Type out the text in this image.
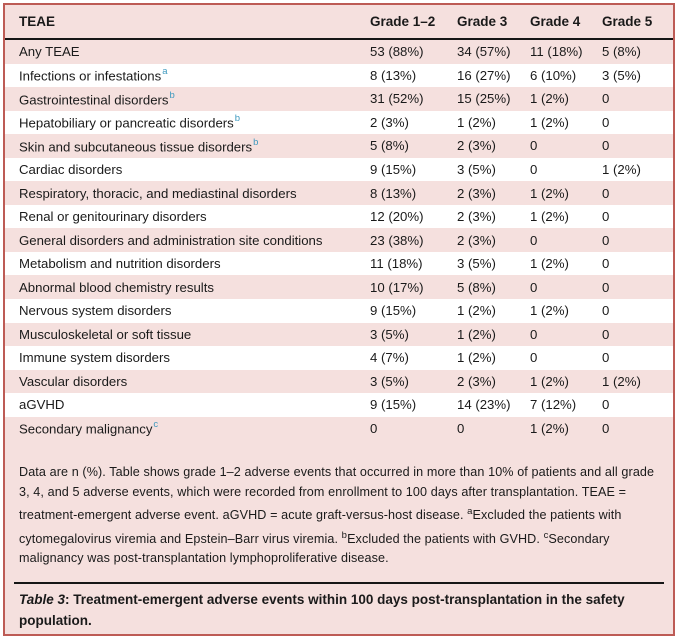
TEAE	Grade 1–2	Grade 3	Grade 4	Grade 5
Any TEAE	53 (88%)	34 (57%)	11 (18%)	5 (8%)
Infections or infestations$^a$	8 (13%)	16 (27%)	6 (10%)	3 (5%)
Gastrointestinal disorders$^b$	31 (52%)	15 (25%)	1 (2%)	0
Hepatobiliary or pancreatic disorders$^b$	2 (3%)	1 (2%)	1 (2%)	0
Skin and subcutaneous tissue disorders$^b$	5 (8%)	2 (3%)	0	0
Cardiac disorders	9 (15%)	3 (5%)	0	1 (2%)
Respiratory, thoracic, and mediastinal disorders	8 (13%)	2 (3%)	1 (2%)	0
Renal or genitourinary disorders	12 (20%)	2 (3%)	1 (2%)	0
General disorders and administration site conditions	23 (38%)	2 (3%)	0	0
Metabolism and nutrition disorders	11 (18%)	3 (5%)	1 (2%)	0
Abnormal blood chemistry results	10 (17%)	5 (8%)	0	0
Nervous system disorders	9 (15%)	1 (2%)	1 (2%)	0
Musculoskeletal or soft tissue	3 (5%)	1 (2%)	0	0
Immune system disorders	4 (7%)	1 (2%)	0	0
Vascular disorders	3 (5%)	2 (3%)	1 (2%)	1 (2%)
aGVHD	9 (15%)	14 (23%)	7 (12%)	0
Secondary malignancy$^c$	0	0	1 (2%)	0
Data are n (%). Table shows grade 1–2 adverse events that occurred in more than 10% of patients and all grade 3, 4, and 5 adverse events, which were recorded from enrollment to 100 days after transplantation. TEAE = treatment-emergent adverse event. aGVHD = acute graft-versus-host disease. $^a$Excluded the patients with cytomegalovirus viremia and Epstein–Barr virus viremia. $^b$Excluded the patients with GVHD. $^c$Secondary malignancy was post-transplantation lymphoproliferative disease.
Table 3: Treatment-emergent adverse events within 100 days post-transplantation in the safety population.
